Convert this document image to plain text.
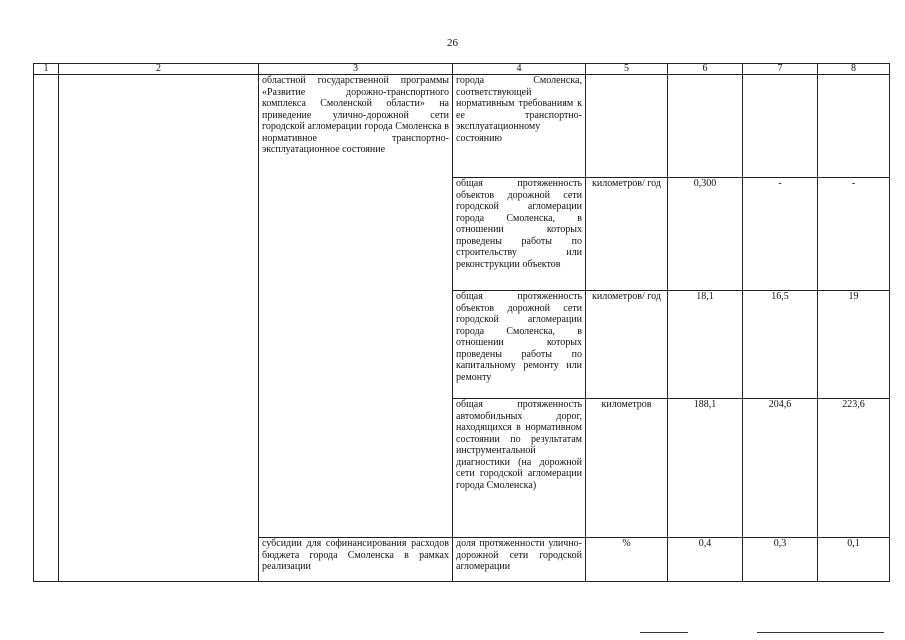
26
1	2	3	4	5	6	7	8
		областной государственной программы «Развитие дорожно-транспортного комплекса Смоленской области» на приведение улично-дорожной сети городской агломерации города Смоленска в нормативное транспортно-эксплуатационное состояние	города Смоленска, соответствующей нормативным требованиям к ее транспортно-эксплуатационному состоянию				
			общая протяженность объектов дорожной сети городской агломерации города Смоленска, в отношении которых проведены работы по строительству или реконструкции объектов	километров/ год	0,300	-	-
			общая протяженность объектов дорожной сети городской агломерации города Смоленска, в отношении которых проведены работы по капитальному ремонту или ремонту	километров/ год	18,1	16,5	19
			общая протяженность автомобильных дорог, находящихся в нормативном состоянии по результатам инструментальной диагностики (на дорожной сети городской агломерации города Смоленска)	километров	188,1	204,6	223,6
		субсидии для софинансирования расходов бюджета города Смоленска в рамках реализации	доля протяженности улично-дорожной сети городской агломерации	%	0,4	0,3	0,1
